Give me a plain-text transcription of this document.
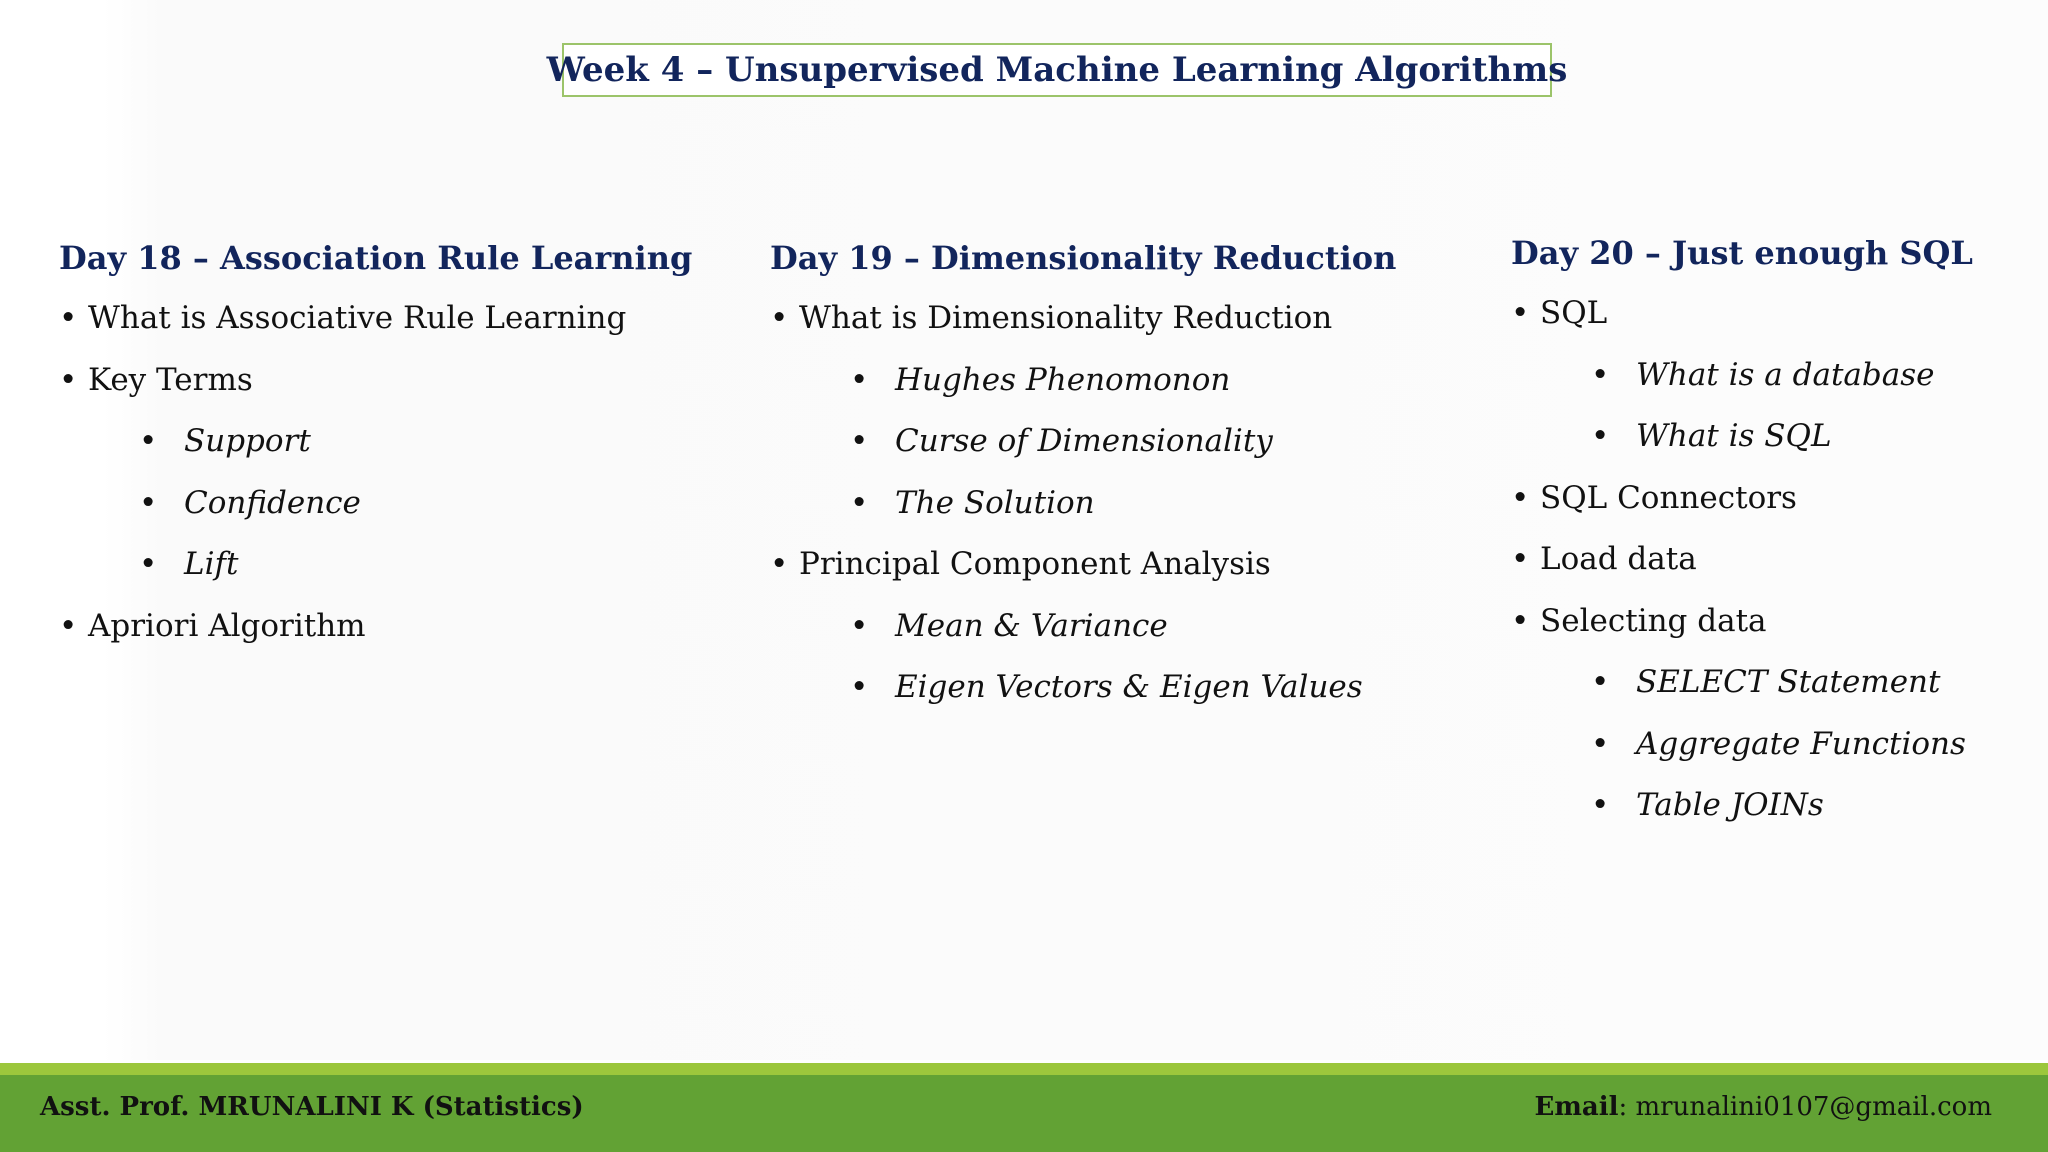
Week 4 – Unsupervised Machine Learning Algorithms
Day 18 – Association Rule Learning
• What is Associative Rule Learning
• Key Terms
• Support
• Confidence
• Lift
• Apriori Algorithm
Day 19 – Dimensionality Reduction
• What is Dimensionality Reduction
• Hughes Phenomonon
• Curse of Dimensionality
• The Solution
• Principal Component Analysis
• Mean & Variance
• Eigen Vectors & Eigen Values
Day 20 – Just enough SQL
• SQL
• What is a database
• What is SQL
• SQL Connectors
• Load data
• Selecting data
• SELECT Statement
• Aggregate Functions
• Table JOINs
Asst. Prof. MRUNALINI K (Statistics)	Email: mrunalini0107@gmail.com
